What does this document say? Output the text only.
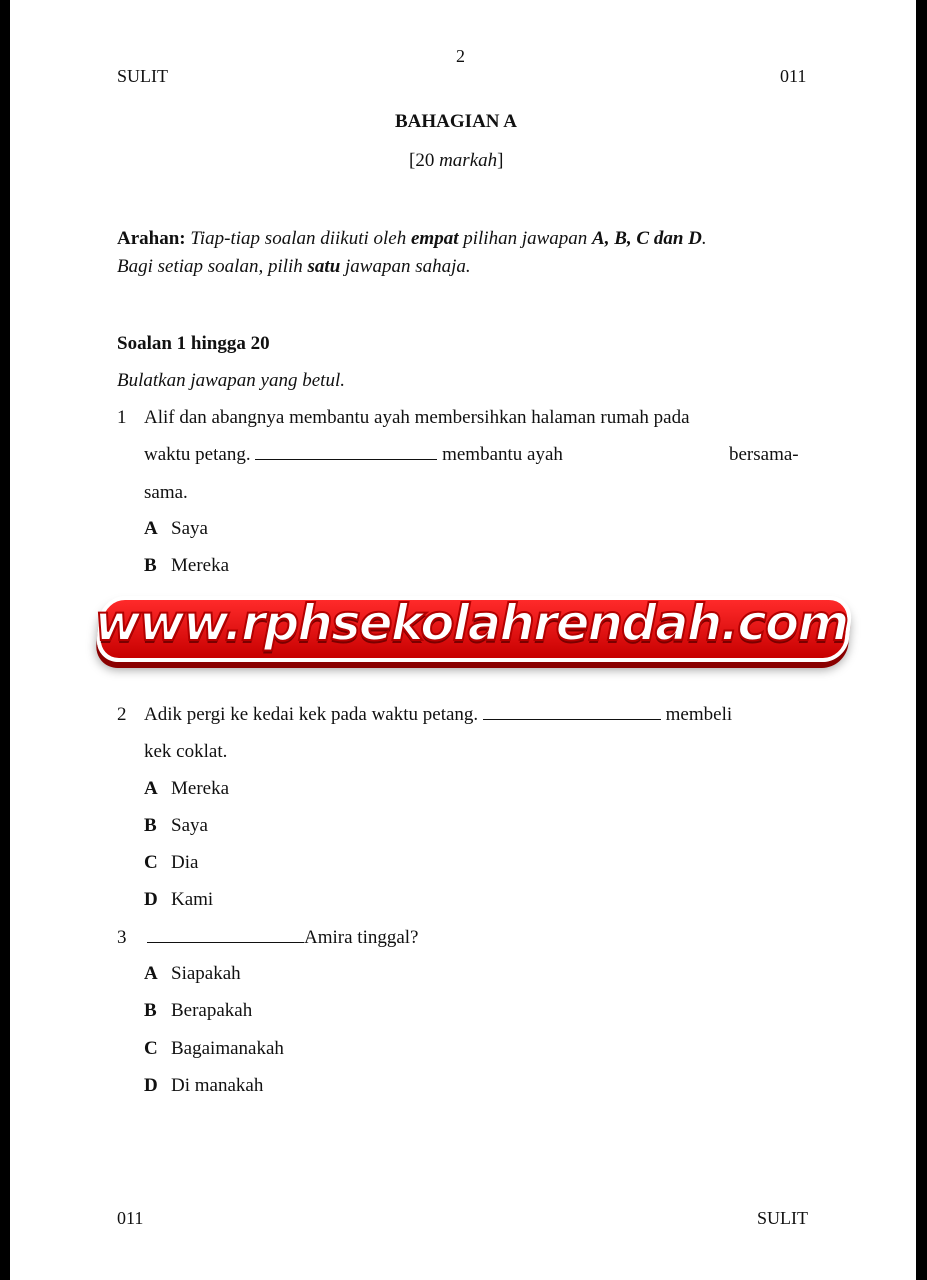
2
SULIT	011
BAHAGIAN A
[20 markah]
Arahan: Tiap-tiap soalan diikuti oleh empat pilihan jawapan A, B, C dan D.
Bagi setiap soalan, pilih satu jawapan sahaja.
Soalan 1 hingga 20
Bulatkan jawapan yang betul.
1 Alif dan abangnya membantu ayah membersihkan halaman rumah pada
waktu petang.	membantu ayah	bersama-
sama.
A Saya
B Mereka
www.rphsekolahrendah.com
2 Adik pergi ke kedai kek pada waktu petang.	membeli
kek coklat.
A Mereka
B Saya
C Dia
D Kami
3	Amira tinggal?
A Siapakah
B Berapakah
C Bagaimanakah
D Di manakah
011	SULIT
